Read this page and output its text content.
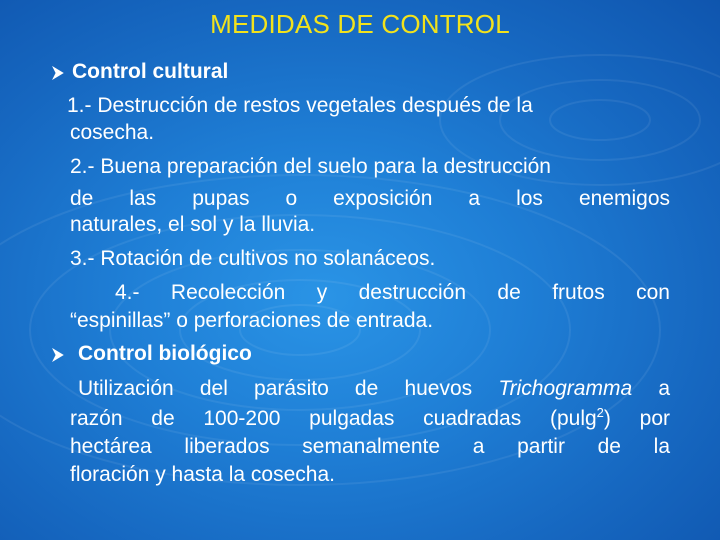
MEDIDAS DE CONTROL
Control cultural
1.- Destrucción de restos vegetales después de la
cosecha.
2.- Buena preparación del suelo para la destrucción
de las pupas o exposición a los enemigos
naturales, el sol y la lluvia.
3.- Rotación de cultivos no solanáceos.
4.- Recolección y destrucción de frutos con
“espinillas” o perforaciones de entrada.
Control biológico
Utilización del parásito de huevos Trichogramma a
razón de 100-200 pulgadas cuadradas (pulg$^2$) por
hectárea liberados semanalmente a partir de la
floración y hasta la cosecha.
